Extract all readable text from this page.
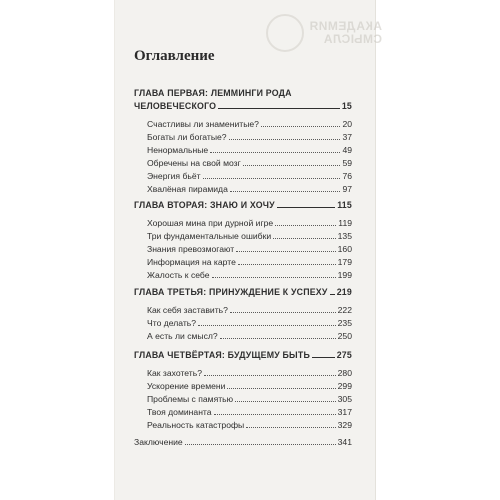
АКАДЕМИЯ СМЫСЛА
Оглавление
ГЛАВА ПЕРВАЯ: ЛЕММИНГИ РОДА
ЧЕЛОВЕЧЕСКОГО	15
Счастливы ли знаменитые?	20
Богаты ли богатые?	37
Ненормальные	49
Обречены на свой мозг	59
Энергия бьёт	76
Хвалёная пирамида	97
ГЛАВА ВТОРАЯ: ЗНАЮ И ХОЧУ	115
Хорошая мина при дурной игре	119
Три фундаментальные ошибки	135
Знания превозмогают	160
Информация на карте	179
Жалость к себе	199
ГЛАВА ТРЕТЬЯ: ПРИНУЖДЕНИЕ К УСПЕХУ 219
Как себя заставить?	222
Что делать?	235
А есть ли смысл?	250
ГЛАВА ЧЕТВЁРТАЯ: БУДУЩЕМУ БЫТЬ	275
Как захотеть?	280
Ускорение времени	299
Проблемы с памятью	305
Твоя доминанта	317
Реальность катастрофы	329
Заключение	341
